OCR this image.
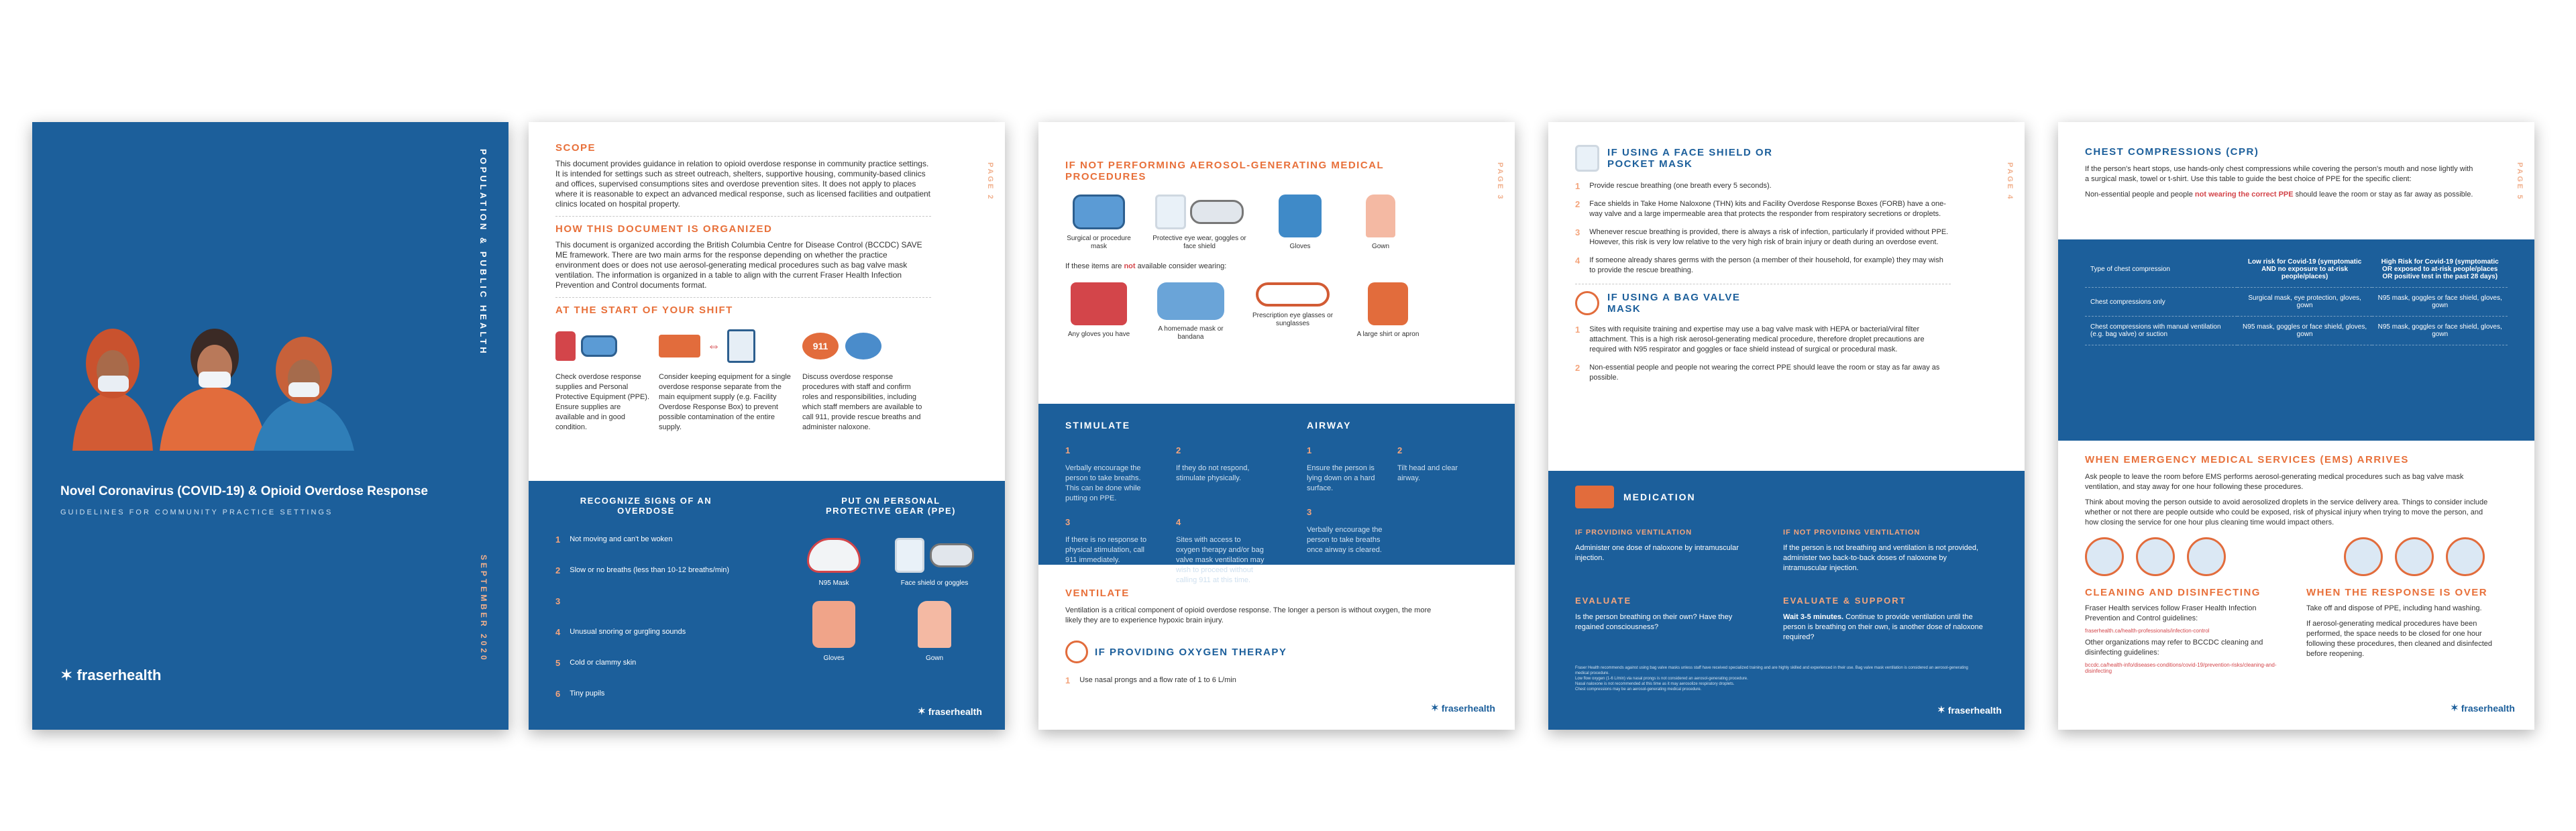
POPULATION & PUBLIC HEALTH
Novel Coronavirus (COVID-19) & Opioid Overdose Response
GUIDELINES FOR COMMUNITY PRACTICE SETTINGS
SEPTEMBER 2020
✶ fraserhealth
PAGE 2
SCOPE
This document provides guidance in relation to opioid overdose response in community practice settings. It is intended for settings such as street outreach, shelters, supportive housing, community-based clinics and offices, supervised consumptions sites and overdose prevention sites. It does not apply to places where it is reasonable to expect an advanced medical response, such as licensed facilities and outpatient clinics located on hospital property.
HOW THIS DOCUMENT IS ORGANIZED
This document is organized according the British Columbia Centre for Disease Control (BCCDC) SAVE ME framework. There are two main arms for the response depending on whether the practice environment does or does not use aerosol-generating medical procedures such as bag valve mask ventilation. The information is organized in a table to align with the current Fraser Health Infection Prevention and Control documents format.
AT THE START OF YOUR SHIFT
Check overdose response supplies and Personal Protective Equipment (PPE). Ensure supplies are available and in good condition.
⇔
Consider keeping equipment for a single overdose response separate from the main equipment supply (e.g. Facility Overdose Response Box) to prevent possible contamination of the entire supply.
911
Discuss overdose response procedures with staff and confirm roles and responsibilities, including which staff members are available to call 911, provide rescue breaths and administer naloxone.
RECOGNIZE SIGNS OF AN OVERDOSE
1 Not moving and can't be woken
2 Slow or no breaths (less than 10-12 breaths/min)
3
4 Unusual snoring or gurgling sounds
5 Cold or clammy skin
6 Tiny pupils
PUT ON PERSONAL PROTECTIVE GEAR (PPE)
N95 Mask	Face shield or goggles
Gloves	Gown
✶ fraserhealth
PAGE 3
IF NOT PERFORMING AEROSOL-GENERATING MEDICAL PROCEDURES
Surgical or procedure mask
Protective eye wear, goggles or face shield	Gloves	Gown
If these items are not available consider wearing:
Any gloves you have
A homemade mask or bandana
Prescription eye glasses or sunglasses
A large shirt or apron
STIMULATE
1
Verbally encourage the person to take breaths. This can be done while putting on PPE.
2
If they do not respond, stimulate physically.
3
If there is no response to physical stimulation, call 911 immediately.
4
Sites with access to oxygen therapy and/or bag valve mask ventilation may wish to proceed without calling 911 at this time.
AIRWAY
1
Ensure the person is lying down on a hard surface.
2
Tilt head and clear airway.
3
Verbally encourage the person to take breaths once airway is cleared.
VENTILATE
Ventilation is a critical component of opioid overdose response. The longer a person is without oxygen, the more likely they are to experience hypoxic brain injury.
IF PROVIDING OXYGEN THERAPY
1 Use nasal prongs and a flow rate of 1 to 6 L/min
✶ fraserhealth
PAGE 4
IF USING A FACE SHIELD OR POCKET MASK
1 Provide rescue breathing (one breath every 5 seconds).
2 Face shields in Take Home Naloxone (THN) kits and Facility Overdose Response Boxes (FORB) have a one-way valve and a large impermeable area that protects the responder from respiratory secretions or droplets.
3 Whenever rescue breathing is provided, there is always a risk of infection, particularly if provided without PPE. However, this risk is very low relative to the very high risk of brain injury or death during an overdose event.
4 If someone already shares germs with the person (a member of their household, for example) they may wish to provide the rescue breathing.
IF USING A BAG VALVE MASK
1 Sites with requisite training and expertise may use a bag valve mask with HEPA or bacterial/viral filter attachment. This is a high risk aerosol-generating medical procedure, therefore droplet precautions are required with N95 respirator and goggles or face shield instead of surgical or procedural mask.
2 Non-essential people and people not wearing the correct PPE should leave the room or stay as far away as possible.
MEDICATION
IF PROVIDING VENTILATION
Administer one dose of naloxone by intramuscular injection.
IF NOT PROVIDING VENTILATION
If the person is not breathing and ventilation is not provided, administer two back-to-back doses of naloxone by intramuscular injection.
EVALUATE
Is the person breathing on their own? Have they regained consciousness?
EVALUATE & SUPPORT
Wait 3-5 minutes. Continue to provide ventilation until the person is breathing on their own, is another dose of naloxone required?
Fraser Health recommends against using bag valve masks unless staff have received specialized training and are highly skilled and experienced in their use. Bag valve mask ventilation is considered an aerosol-generating medical procedure.
Low flow oxygen (1-6 L/min) via nasal prongs is not considered an aerosol-generating procedure.
Nasal naloxone is not recommended at this time as it may aerosolize respiratory droplets.
Chest compressions may be an aerosol-generating medical procedure.
✶ fraserhealth
PAGE 5
CHEST COMPRESSIONS (CPR)
If the person's heart stops, use hands-only chest compressions while covering the person's mouth and nose lightly with a surgical mask, towel or t-shirt. Use this table to guide the best choice of PPE for the specific client:
Non-essential people and people not wearing the correct PPE should leave the room or stay as far away as possible.
Type of chest compression	Low risk for Covid-19 (symptomatic AND no exposure to at-risk people/places)	High Risk for Covid-19 (symptomatic OR exposed to at-risk people/places OR positive test in the past 28 days)
Chest compressions only	Surgical mask, eye protection, gloves, gown	N95 mask, goggles or face shield, gloves, gown
Chest compressions with manual ventilation (e.g. bag valve) or suction	N95 mask, goggles or face shield, gloves, gown	N95 mask, goggles or face shield, gloves, gown
WHEN EMERGENCY MEDICAL SERVICES (EMS) ARRIVES
Ask people to leave the room before EMS performs aerosol-generating medical procedures such as bag valve mask ventilation, and stay away for one hour following these procedures.
Think about moving the person outside to avoid aerosolized droplets in the service delivery area. Things to consider include whether or not there are people outside who could be exposed, risk of physical injury when trying to move the person, and how closing the service for one hour plus cleaning time would impact others.
CLEANING AND DISINFECTING
Fraser Health services follow Fraser Health Infection Prevention and Control guidelines:
fraserhealth.ca/health-professionals/infection-control
Other organizations may refer to BCCDC cleaning and disinfecting guidelines:
bccdc.ca/health-info/diseases-conditions/covid-19/prevention-risks/cleaning-and-disinfecting
WHEN THE RESPONSE IS OVER
Take off and dispose of PPE, including hand washing.
If aerosol-generating medical procedures have been performed, the space needs to be closed for one hour following these procedures, then cleaned and disinfected before reopening.
✶ fraserhealth
